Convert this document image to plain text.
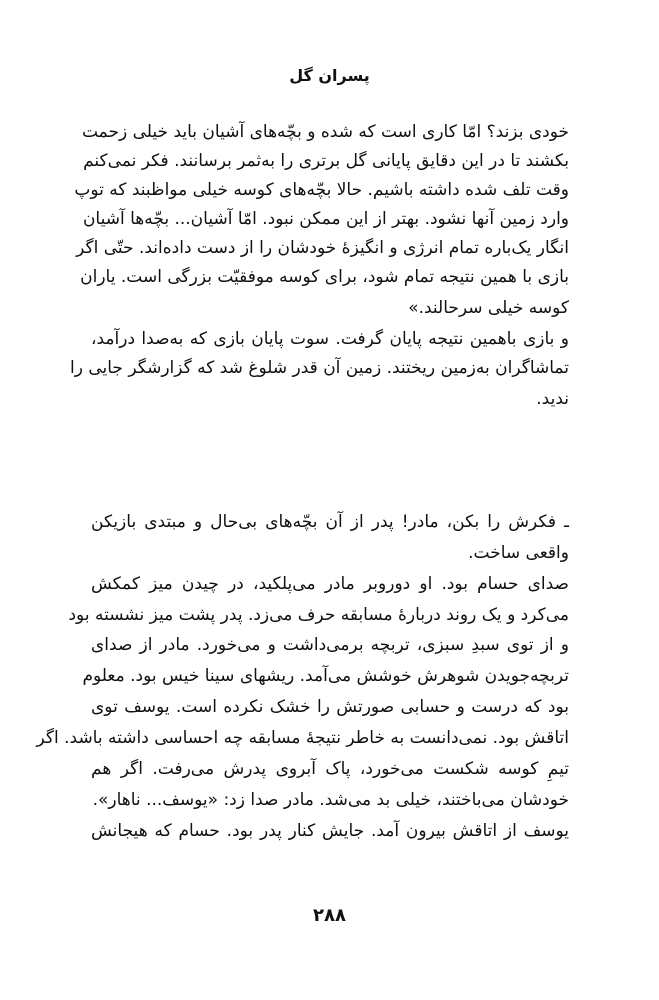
پسران گل
خودی بزند؟ امّا کاری است که شده و بچّه‌های آشیان باید خیلی زحمت
بکشند تا در این دقایق پایانی گل برتری را به‌ثمر برسانند. فکر نمی‌کنم
وقت تلف شده داشته باشیم. حالا بچّه‌های کوسه خیلی مواظبند که توپ
وارد زمین آنها نشود. بهتر از این ممکن نبود. امّا آشیان... بچّه‌ها آشیان
انگار یک‌باره تمام انرژی و انگیزهٔ خودشان را از دست داده‌اند. حتّی اگر
بازی با همین نتیجه تمام شود، برای کوسه موفقیّت بزرگی است. یاران
کوسه خیلی سرحالند.»
و بازی باهمین نتیجه پایان گرفت. سوت پایان بازی که به‌صدا درآمد،
تماشاگران به‌زمین ریختند. زمین آن قدر شلوغ شد که گزارشگر جایی را
ندید.
ـ فکرش را بکن، مادر! پدر از آن بچّه‌های بی‌حال و مبتدی بازیکن
واقعی ساخت.
صدای حسام بود. او دوروبر مادر می‌پلکید، در چیدن میز کمکش
می‌کرد و یک روند دربارهٔ مسابقه حرف می‌زد. پدر پشت میز نشسته بود
و از توی سبدِ سبزی، تربچه برمی‌داشت و می‌خورد. مادر از صدای
تربچه‌جویدن شوهرش خوشش می‌آمد. ریشهای سینا خیس بود. معلوم
بود که درست و حسابی صورتش را خشک نکرده است. یوسف توی
اتاقش بود. نمی‌دانست به خاطر نتیجهٔ مسابقه چه احساسی داشته باشد. اگر
تیمِ کوسه شکست می‌خورد، پاک آبروی پدرش می‌رفت. اگر هم
خودشان می‌باختند، خیلی بد می‌شد. مادر صدا زد: «یوسف... ناهار».
یوسف از اتاقش بیرون آمد. جایش کنار پدر بود. حسام که هیجانش
۲۸۸
